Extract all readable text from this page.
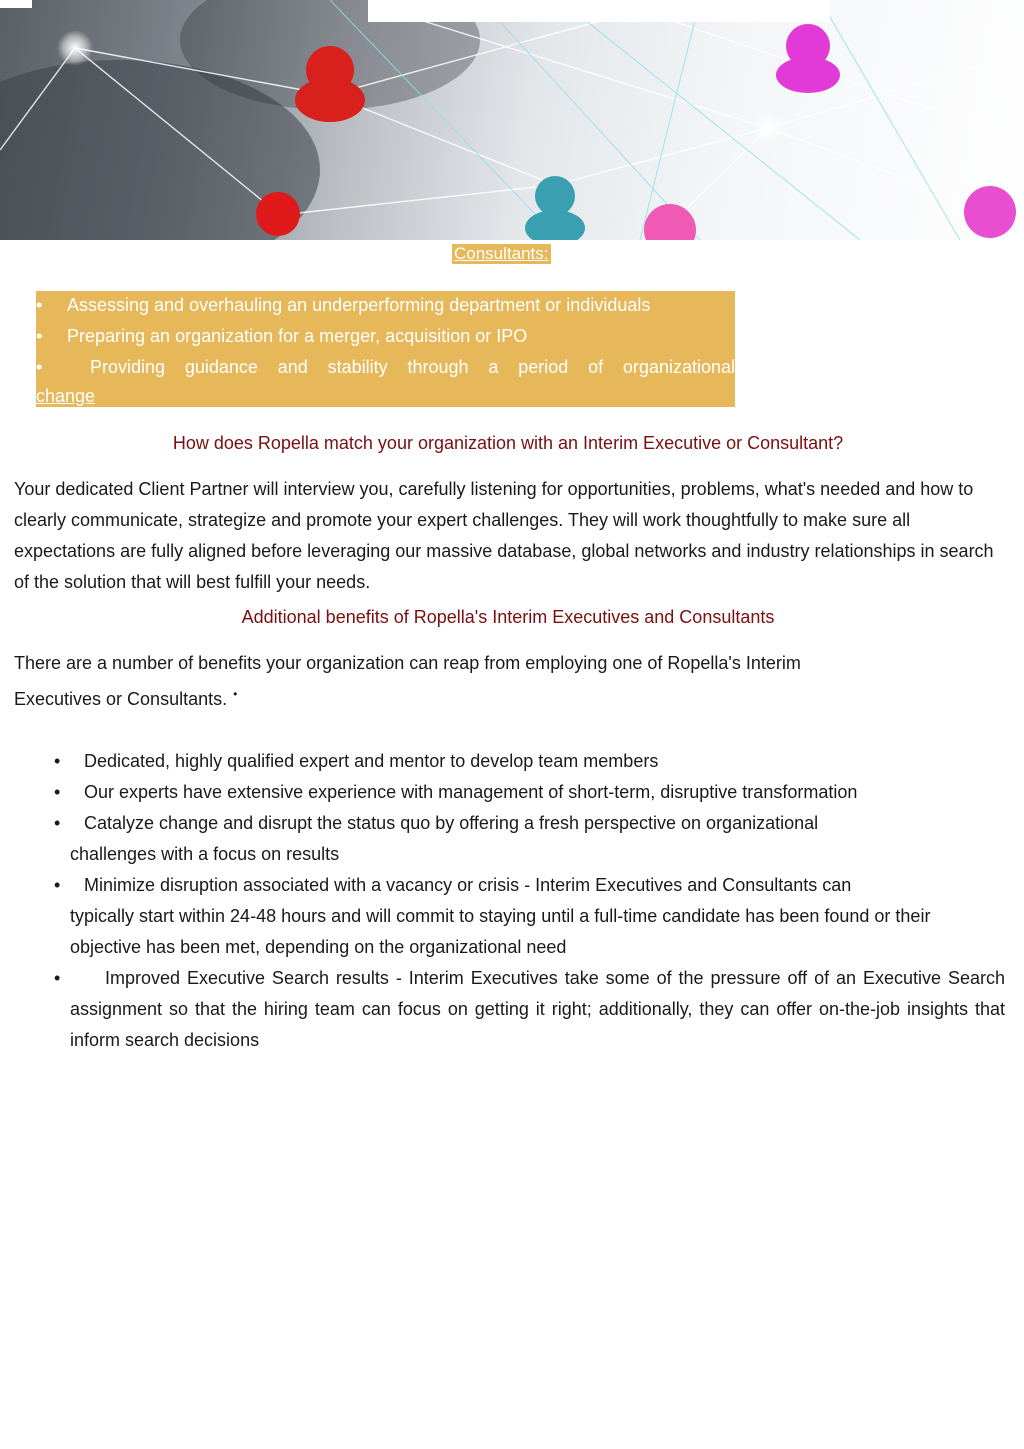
Consultants:
• Assessing and overhauling an underperforming department or individuals
• Preparing an organization for a merger, acquisition or IPO
•	Providing guidance and stability through a period of organizational
change
How does Ropella match your organization with an Interim Executive or Consultant?

Your dedicated Client Partner will interview you, carefully listening for opportunities, problems, what's needed and how to clearly communicate, strategize and promote your expert challenges. They will work thoughtfully to make sure all expectations are fully aligned before leveraging our massive database, global networks and industry relationships in search of the solution that will best fulfill your needs.

Additional benefits of Ropella's Interim Executives and Consultants

There are a number of benefits your organization can reap from employing one of Ropella's Interim

Executives or Consultants. •

•	Dedicated, highly qualified expert and mentor to develop team members
•	Our experts have extensive experience with management of short-term, disruptive transformation
•	Catalyze change and disrupt the status quo by offering a fresh perspective on organizational
challenges with a focus on results
•	Minimize disruption associated with a vacancy or crisis - Interim Executives and Consultants can
typically start within 24-48 hours and will commit to staying until a full-time candidate has been found or their objective has been met, depending on the organizational need
•	Improved Executive Search results - Interim Executives take some of the pressure off of an Executive Search assignment so that the hiring team can focus on getting it right; additionally, they can offer on-the-job insights that inform search decisions
